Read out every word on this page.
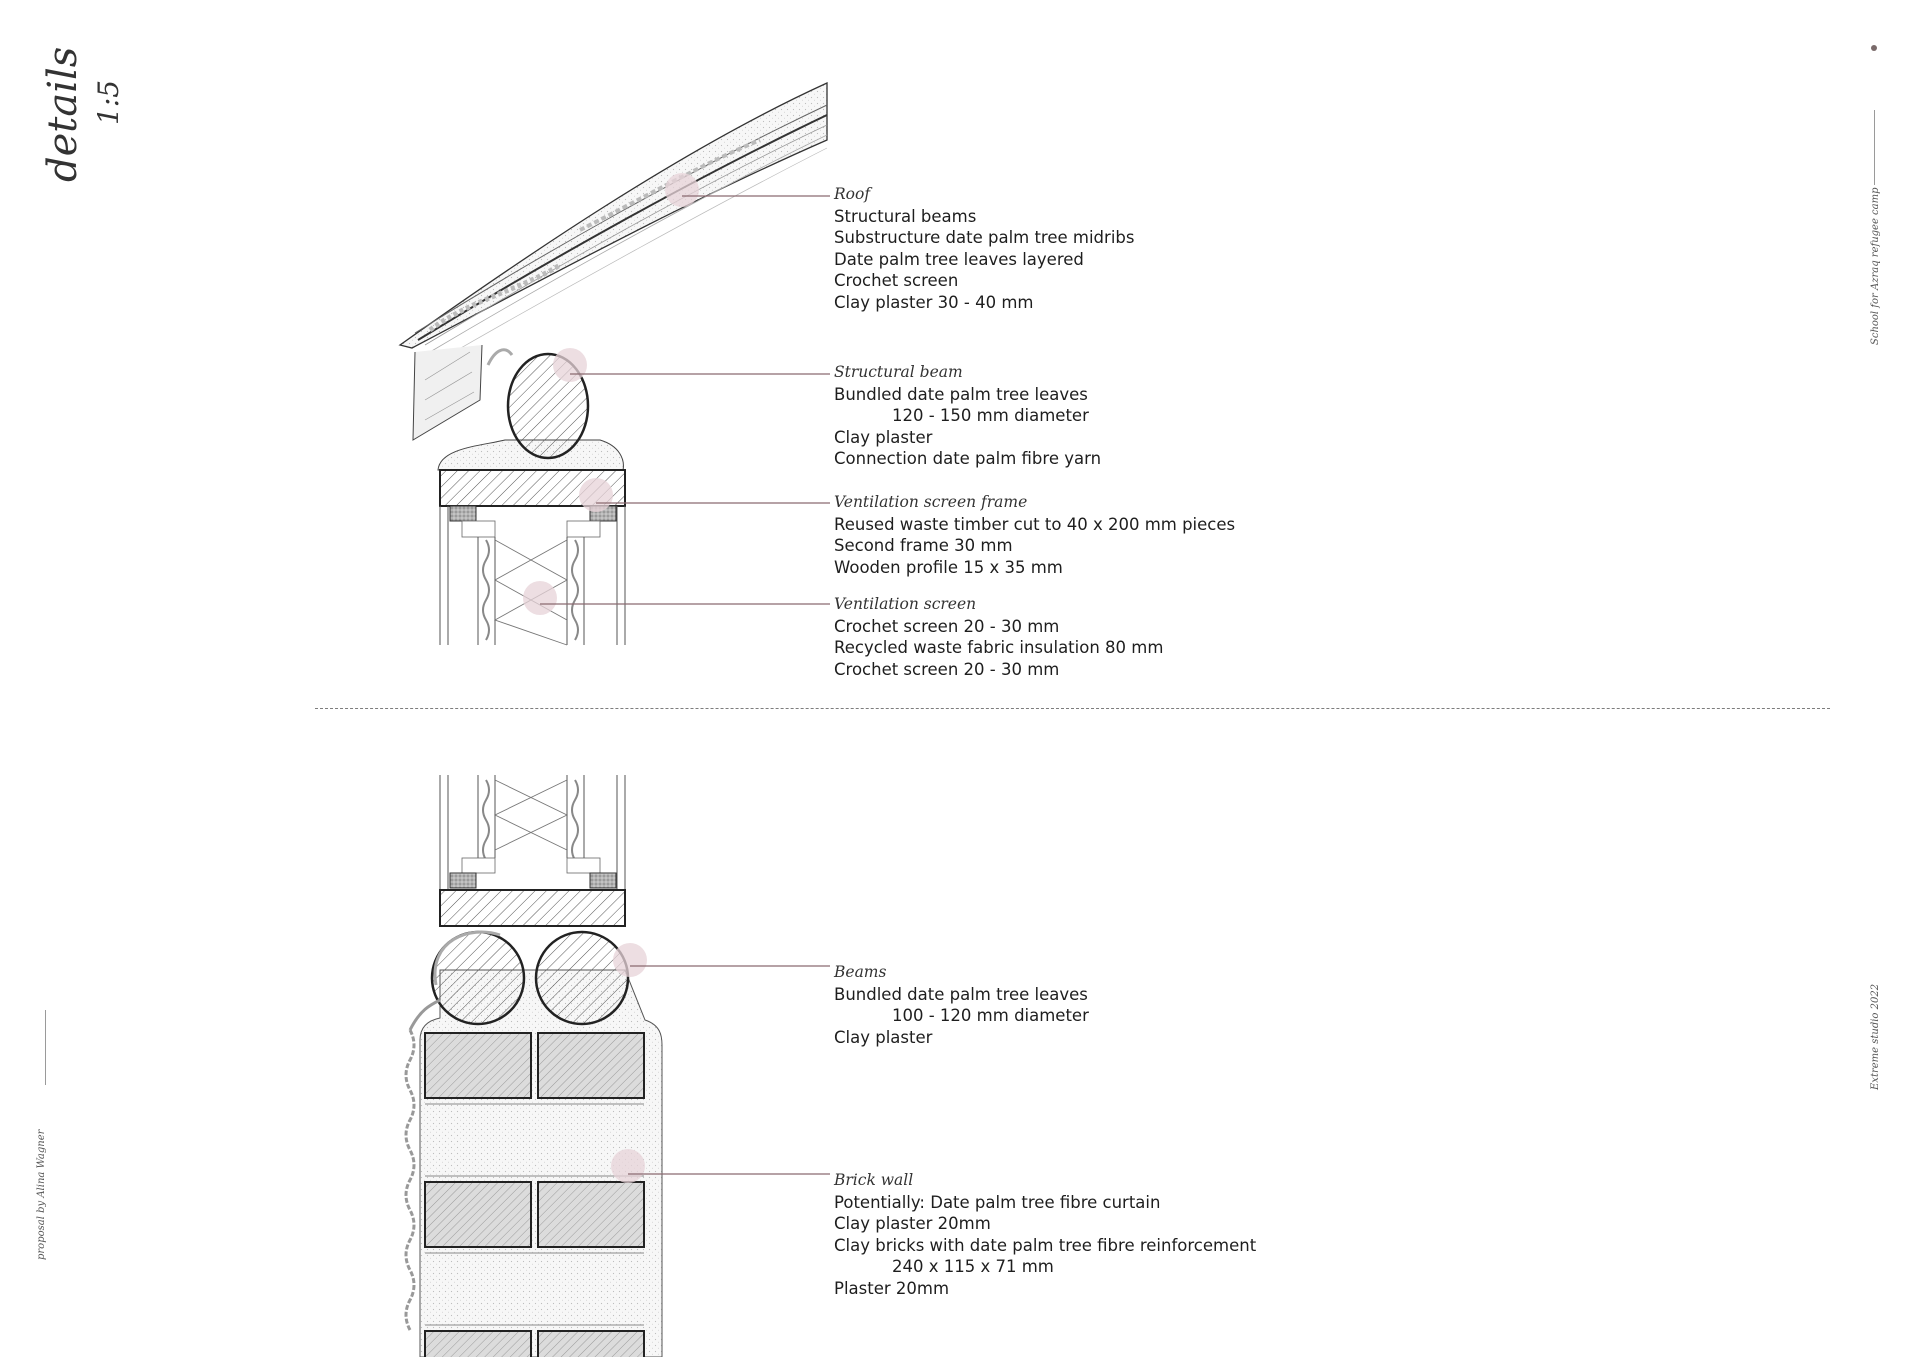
details 1:5
School for Azraq refugee camp
Extreme studio 2022
proposal by Alina Wagner
Roof
Structural beams
Substructure date palm tree midribs
Date palm tree leaves layered
Crochet screen
Clay plaster 30 - 40 mm
Structural beam
Bundled date palm tree leaves
120 - 150 mm diameter
Clay plaster
Connection date palm fibre yarn
Ventilation screen frame
Reused waste timber cut to 40 x 200 mm pieces
Second frame 30 mm
Wooden profile 15 x 35 mm
Ventilation screen
Crochet screen 20 - 30 mm
Recycled waste fabric insulation 80 mm
Crochet screen 20 - 30 mm
Beams
Bundled date palm tree leaves
100 - 120 mm diameter
Clay plaster
Brick wall
Potentially: Date palm tree fibre curtain
Clay plaster 20mm
Clay bricks with date palm tree fibre reinforcement
240 x 115 x 71 mm
Plaster 20mm
